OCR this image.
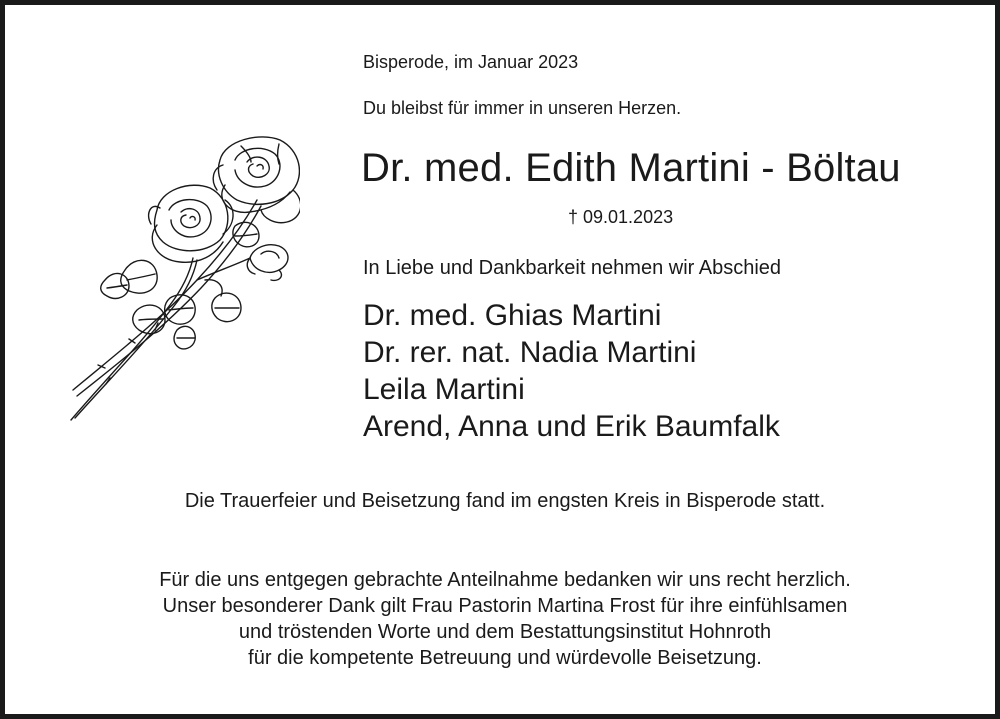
Bisperode, im Januar 2023
Du bleibst für immer in unseren Herzen.
Dr. med. Edith Martini - Böltau
† 09.01.2023
In Liebe und Dankbarkeit nehmen wir Abschied
Dr. med. Ghias Martini
Dr. rer. nat. Nadia Martini
Leila Martini
Arend, Anna und Erik Baumfalk
Die Trauerfeier und Beisetzung fand im engsten Kreis in Bisperode statt.
Für die uns entgegen gebrachte Anteilnahme bedanken wir uns recht herzlich.
Unser besonderer Dank gilt Frau Pastorin Martina Frost für ihre einfühlsamen
und tröstenden Worte und dem Bestattungsinstitut Hohnroth
für die kompetente Betreuung und würdevolle Beisetzung.
